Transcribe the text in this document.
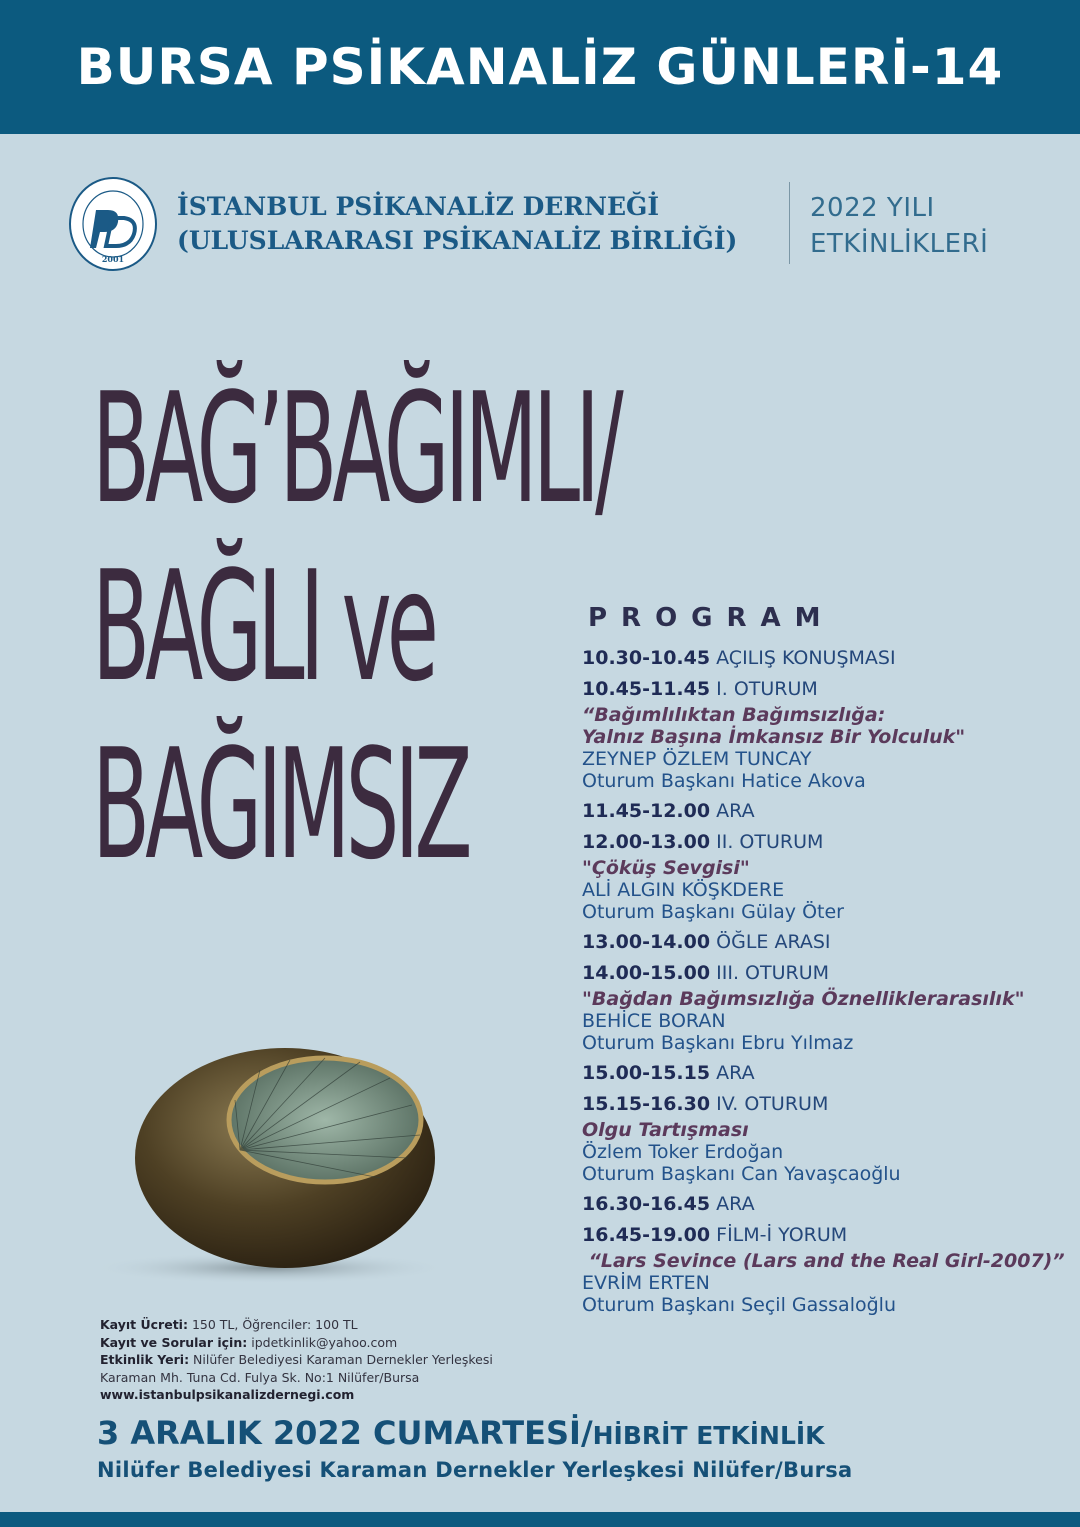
BURSA PSİKANALİZ GÜNLERİ-14
2001
İSTANBUL PSİKANALİZ DERNEĞİ
(ULUSLARARASI PSİKANALİZ BİRLİĞİ)
2022 YILI
ETKİNLİKLERİ
BAĞ’BAĞIMLI/
BAĞLI ve
BAĞIMSIZ
PROGRAM
10.30-10.45 AÇILIŞ KONUŞMASI
10.45-11.45 I. OTURUM
“Bağımlılıktan Bağımsızlığa:
Yalnız Başına İmkansız Bir Yolculuk"
ZEYNEP ÖZLEM TUNCAY
Oturum Başkanı Hatice Akova
11.45-12.00 ARA
12.00-13.00 II. OTURUM
"Çöküş Sevgisi"
ALİ ALGIN KÖŞKDERE
Oturum Başkanı Gülay Öter
13.00-14.00 ÖĞLE ARASI
14.00-15.00 III. OTURUM
"Bağdan Bağımsızlığa Öznelliklerarasılık"
BEHİCE BORAN
Oturum Başkanı Ebru Yılmaz
15.00-15.15 ARA
15.15-16.30 IV. OTURUM
Olgu Tartışması
Özlem Toker Erdoğan
Oturum Başkanı Can Yavaşcaoğlu
16.30-16.45 ARA
16.45-19.00 FİLM-İ YORUM
“Lars Sevince (Lars and the Real Girl-2007)”
EVRİM ERTEN
Oturum Başkanı Seçil Gassaloğlu
Kayıt Ücreti: 150 TL, Öğrenciler: 100 TL
Kayıt ve Sorular için: ipdetkinlik@yahoo.com
Etkinlik Yeri: Nilüfer Belediyesi Karaman Dernekler Yerleşkesi
Karaman Mh. Tuna Cd. Fulya Sk. No:1 Nilüfer/Bursa
www.istanbulpsikanalizdernegi.com
3 ARALIK 2022 CUMARTESİ/HİBRİT ETKİNLİK
Nilüfer Belediyesi Karaman Dernekler Yerleşkesi Nilüfer/Bursa
